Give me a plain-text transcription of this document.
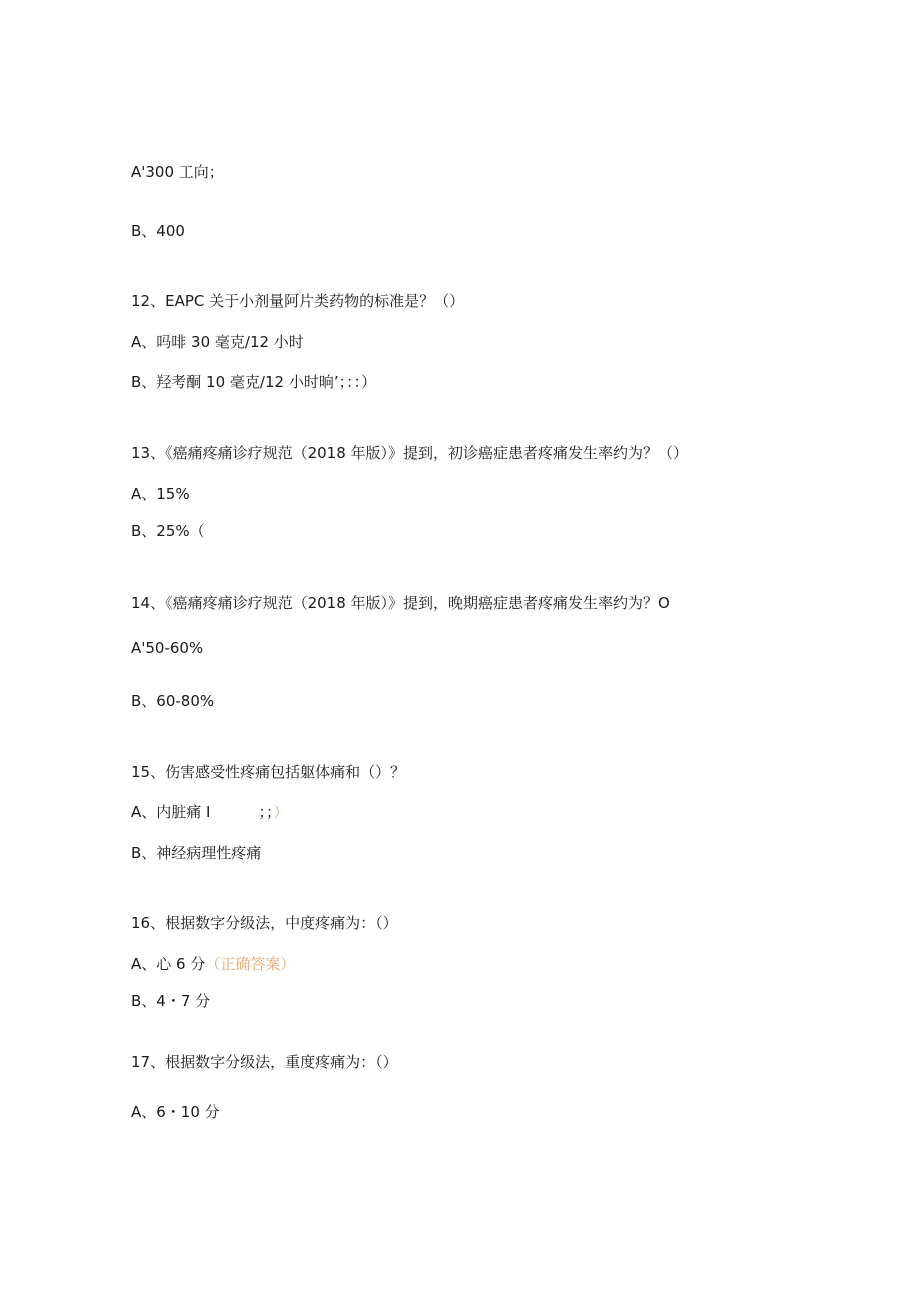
A'300 工向；
B、400
12、EAPC 关于小剂量阿片类药物的标准是？（）
A、吗啡 30 毫克/12 小时
B、羟考酮 10 毫克/12 小时晌’；：：）
13、《癌痛疼痛诊疗规范（2018 年版）》提到，初诊癌症患者疼痛发生率约为？（）
A、15%
B、25%（
14、《癌痛疼痛诊疗规范（2018 年版）》提到，晚期癌症患者疼痛发生率约为？O
A'50-60%
B、60-80%
15、伤害感受性疼痛包括躯体痛和（）？
A、内脏痛 I	；；）
B、神经病理性疼痛
16、根据数字分级法，中度疼痛为：（）
A、心 6 分（正确答案）
B、4・7 分
17、根据数字分级法，重度疼痛为：（）
A、6・10 分
